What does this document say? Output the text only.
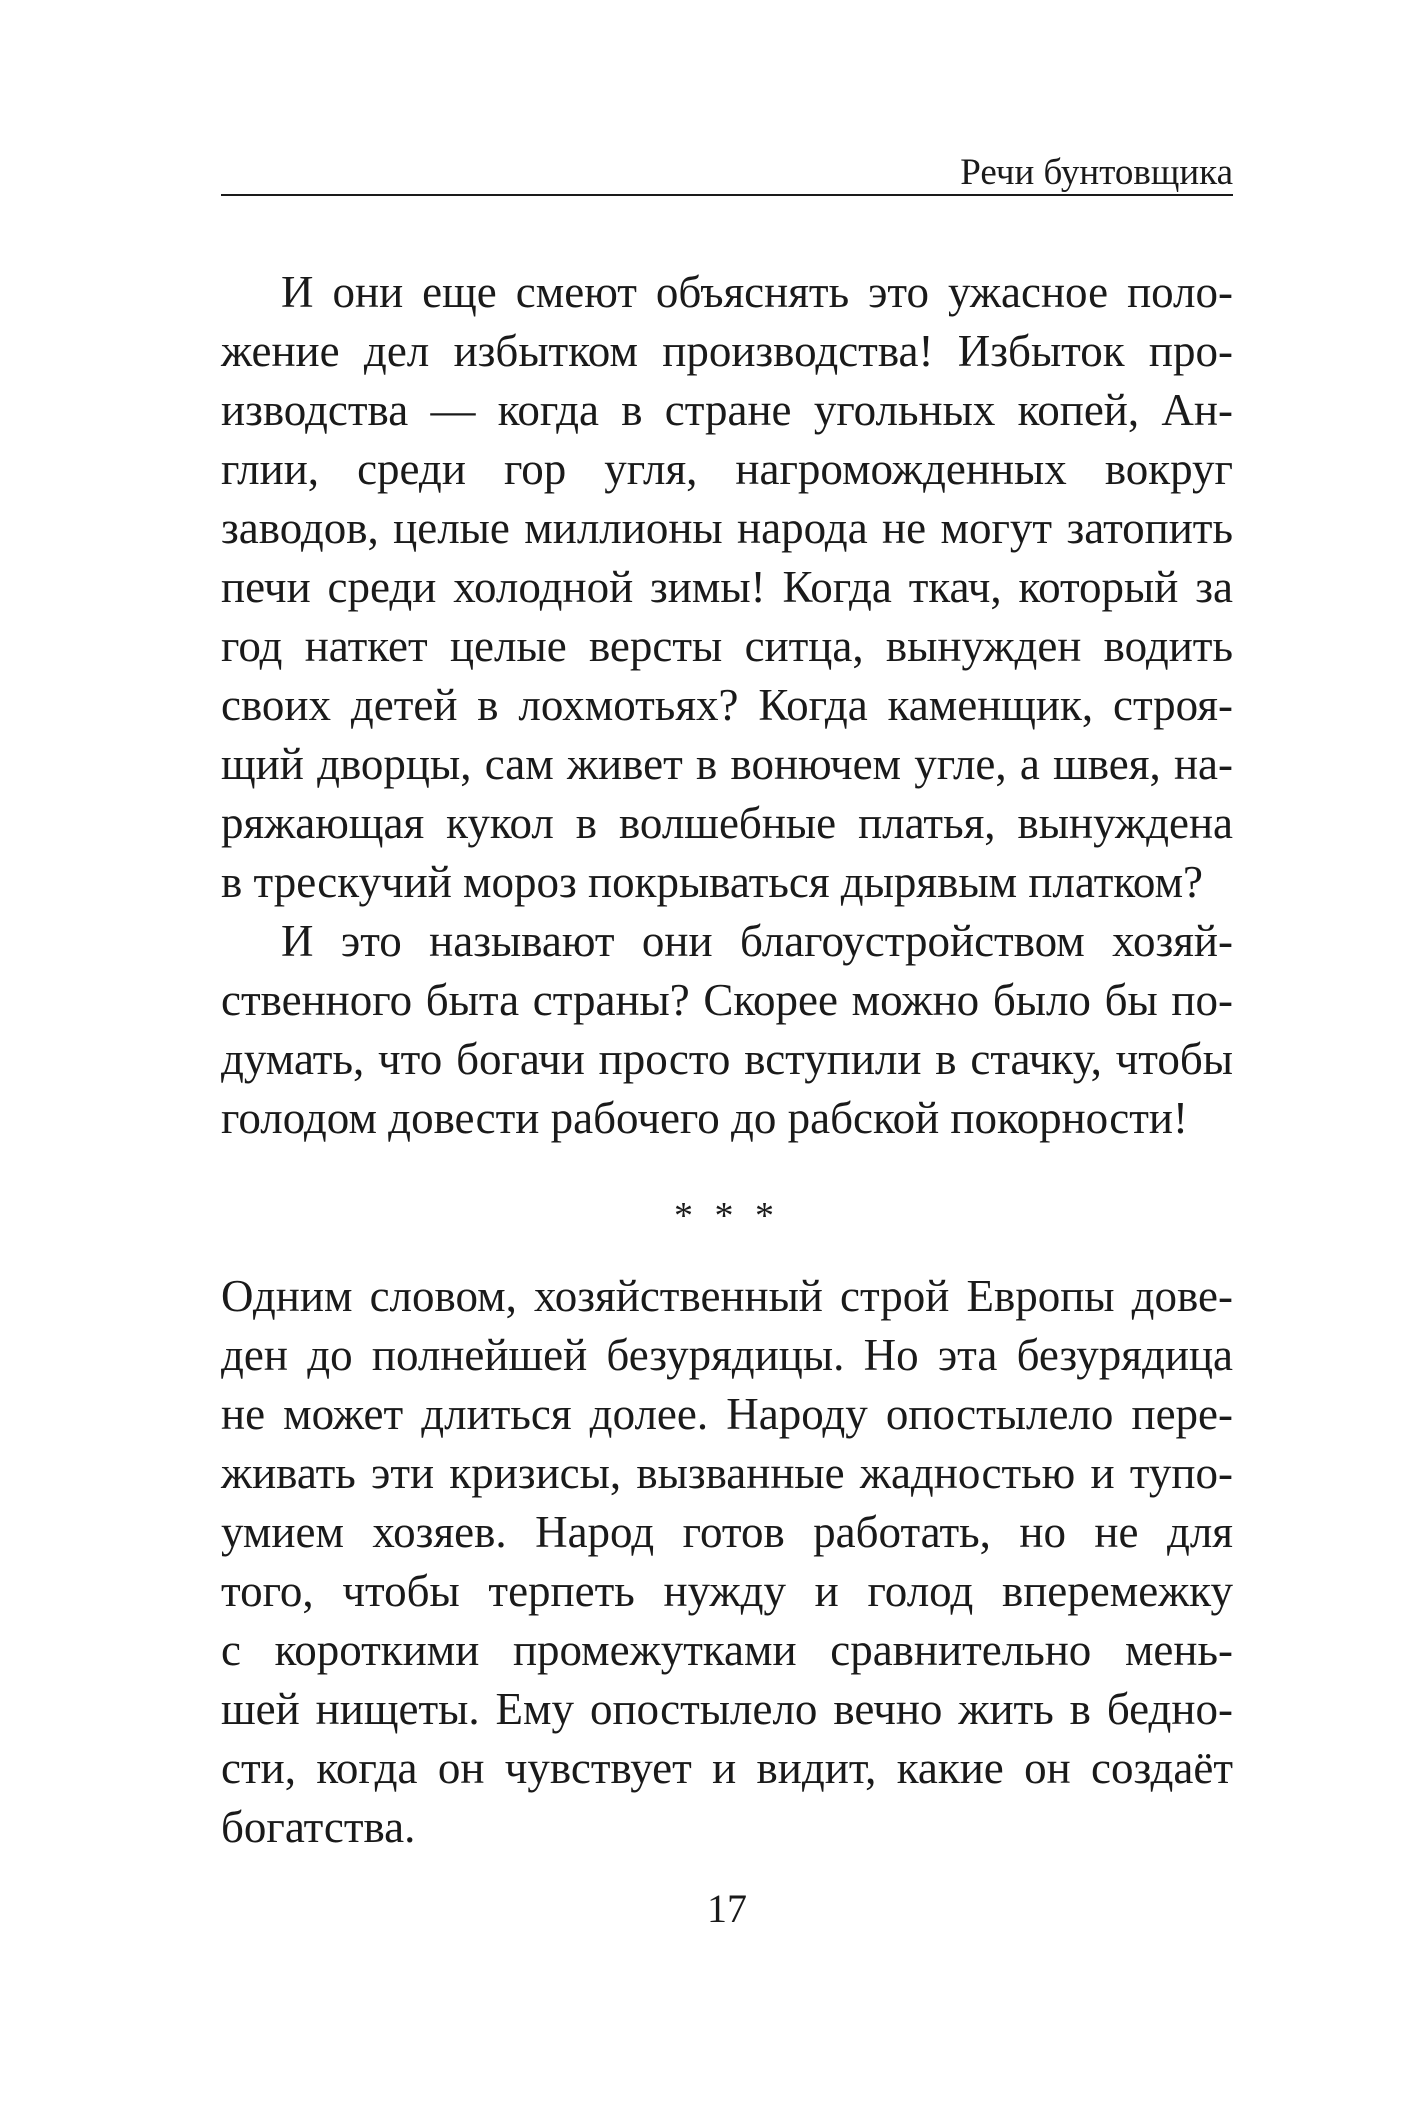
Речи бунтовщика
И они еще смеют объяснять это ужасное поло-
жение дел избытком производства! Избыток про-
изводства — когда в стране угольных копей, Ан-
глии, среди гор угля, нагроможденных вокруг
заводов, целые миллионы народа не могут затопить
печи среди холодной зимы! Когда ткач, который за
год наткет целые версты ситца, вынужден водить
своих детей в лохмотьях? Когда каменщик, строя-
щий дворцы, сам живет в вонючем угле, а швея, на-
ряжающая кукол в волшебные платья, вынуждена
в трескучий мороз покрываться дырявым платком?
И это называют они благоустройством хозяй-
ственного быта страны? Скорее можно было бы по-
думать, что богачи просто вступили в стачку, чтобы
голодом довести рабочего до рабской покорности!
* * *
Одним словом, хозяйственный строй Европы дове-
ден до полнейшей безурядицы. Но эта безурядица
не может длиться долее. Народу опостылело пере-
живать эти кризисы, вызванные жадностью и тупо-
умием хозяев. Народ готов работать, но не для
того, чтобы терпеть нужду и голод вперемежку
с короткими промежутками сравнительно мень-
шей нищеты. Ему опостылело вечно жить в бедно-
сти, когда он чувствует и видит, какие он создаёт
богатства.
17
